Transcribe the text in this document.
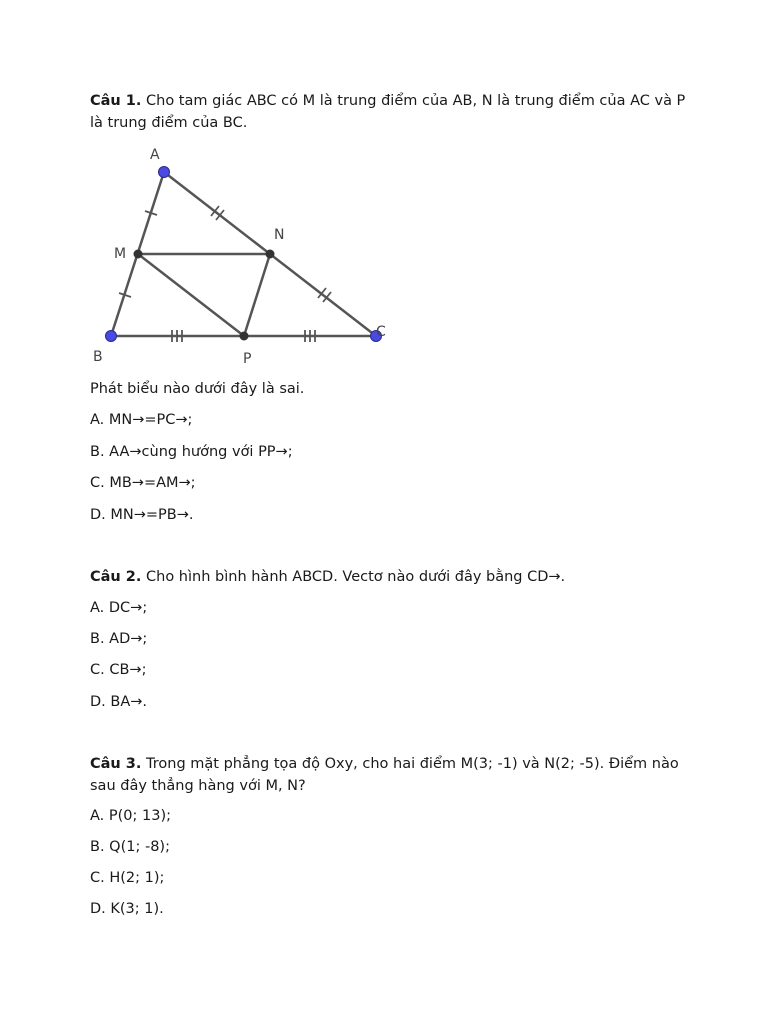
Câu 1. Cho tam giác ABC có M là trung điểm của AB, N là trung điểm của AC và P là trung điểm của BC.

A
M
N
B	P
C

Phát biểu nào dưới đây là sai.

A. MN→=PC→;

B. AA→cùng hướng với PP→;

C. MB→=AM→;

D. MN→=PB→.

Câu 2. Cho hình bình hành ABCD. Vectơ nào dưới đây bằng CD→.

A. DC→;

B. AD→;

C. CB→;

D. BA→.

Câu 3. Trong mặt phẳng tọa độ Oxy, cho hai điểm M(3; -1) và N(2; -5). Điểm nào sau đây thẳng hàng với M, N?

A. P(0; 13);

B. Q(1; -8);

C. H(2; 1);

D. K(3; 1).
